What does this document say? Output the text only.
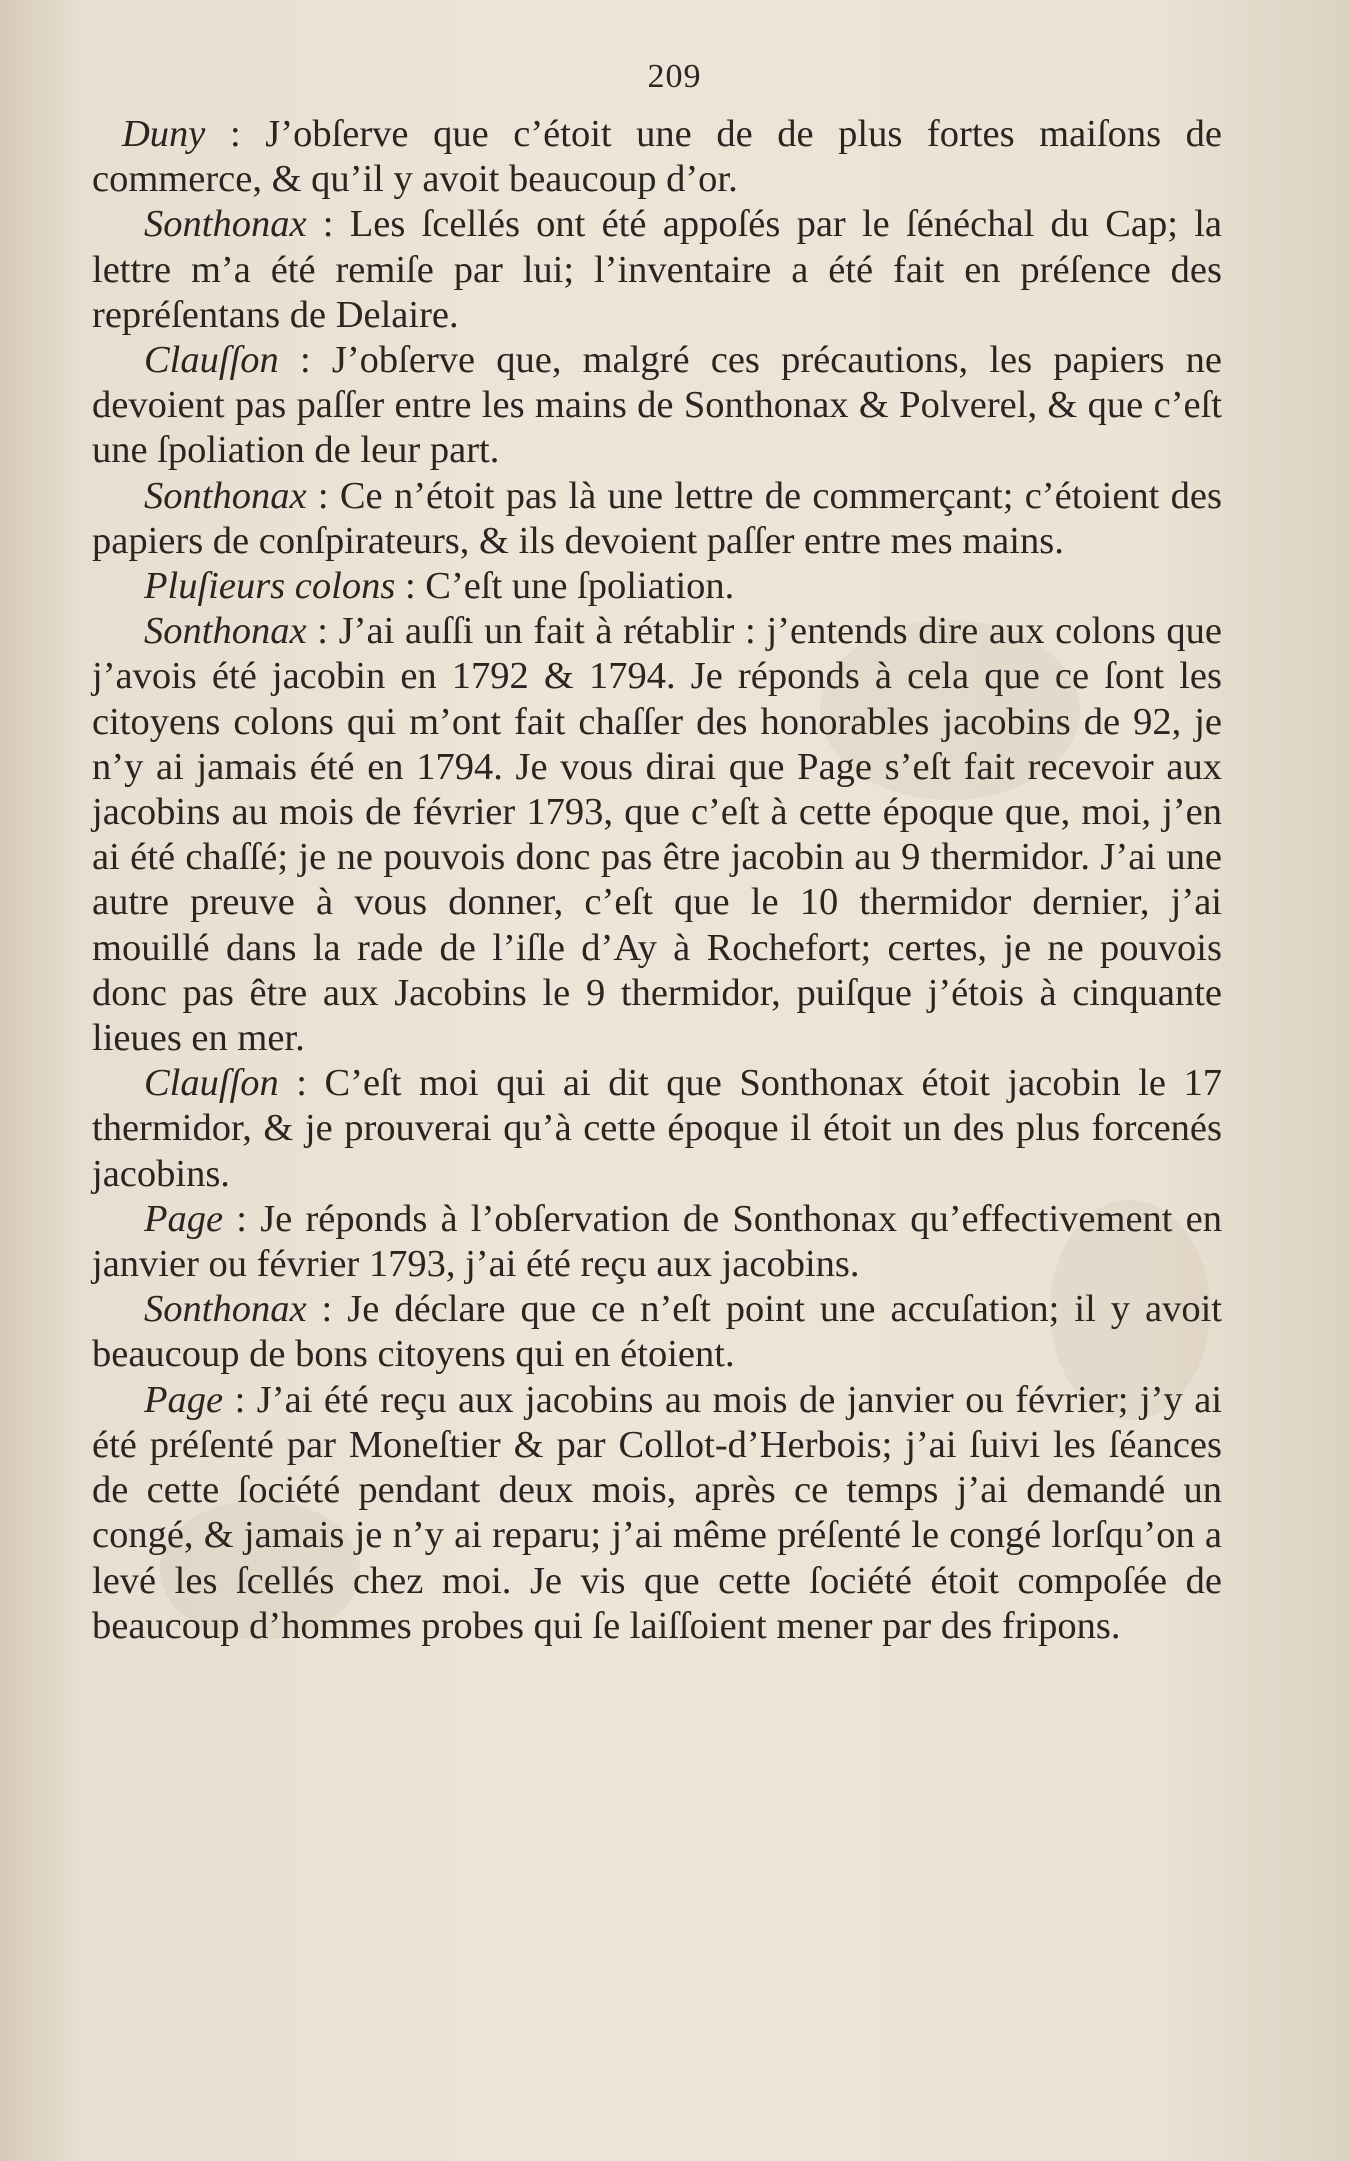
209

Duny : J’obſerve que c’étoit une de de plus fortes maiſons de commerce, & qu’il y avoit beaucoup d’or.

Sonthonax : Les ſcellés ont été appoſés par le ſénéchal du Cap; la lettre m’a été remiſe par lui; l’inventaire a été fait en préſence des repréſentans de Delaire.

Clauſſon : J’obſerve que, malgré ces précautions, les papiers ne devoient pas paſſer entre les mains de Sonthonax & Polverel, & que c’eſt une ſpoliation de leur part.

Sonthonax : Ce n’étoit pas là une lettre de commerçant; c’étoient des papiers de conſpirateurs, & ils devoient paſſer entre mes mains.

Pluſieurs colons : C’eſt une ſpoliation.

Sonthonax : J’ai auſſi un fait à rétablir : j’entends dire aux colons que j’avois été jacobin en 1792 & 1794. Je réponds à cela que ce ſont les citoyens colons qui m’ont fait chaſſer des honorables jacobins de 92, je n’y ai jamais été en 1794. Je vous dirai que Page s’eſt fait recevoir aux jacobins au mois de février 1793, que c’eſt à cette époque que, moi, j’en ai été chaſſé; je ne pouvois donc pas être jacobin au 9 thermidor. J’ai une autre preuve à vous donner, c’eſt que le 10 thermidor dernier, j’ai mouillé dans la rade de l’iſle d’Ay à Rochefort; certes, je ne pouvois donc pas être aux Jacobins le 9 thermidor, puiſque j’étois à cinquante lieues en mer.

Clauſſon : C’eſt moi qui ai dit que Sonthonax étoit jacobin le 17 thermidor, & je prouverai qu’à cette époque il étoit un des plus forcenés jacobins.

Page : Je réponds à l’obſervation de Sonthonax qu’effectivement en janvier ou février 1793, j’ai été reçu aux jacobins.

Sonthonax : Je déclare que ce n’eſt point une accuſation; il y avoit beaucoup de bons citoyens qui en étoient.

Page : J’ai été reçu aux jacobins au mois de janvier ou février; j’y ai été préſenté par Moneſtier & par Collot-d’Herbois; j’ai ſuivi les ſéances de cette ſociété pendant deux mois, après ce temps j’ai demandé un congé, & jamais je n’y ai reparu; j’ai même préſenté le congé lorſqu’on a levé les ſcellés chez moi. Je vis que cette ſociété étoit compoſée de beaucoup d’hommes probes qui ſe laiſſoient mener par des fripons.
